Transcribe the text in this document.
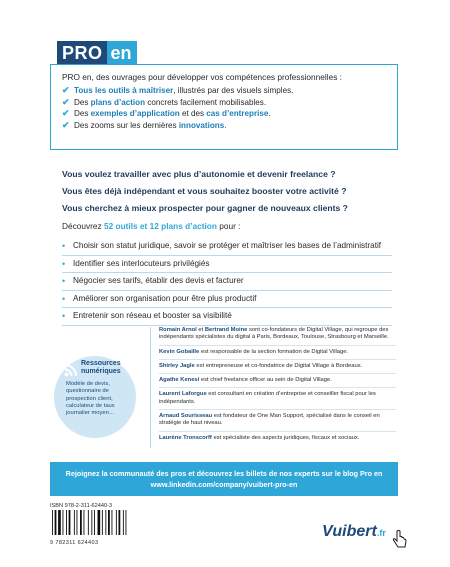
PRO en

PRO en, des ouvrages pour développer vos compétences professionnelles :

✔ Tous les outils à maîtriser, illustrés par des visuels simples.
✔ Des plans d’action concrets facilement mobilisables.
✔ Des exemples d’application et des cas d’entreprise.
✔ Des zooms sur les dernières innovations.

Vous voulez travailler avec plus d’autonomie et devenir freelance ?

Vous êtes déjà indépendant et vous souhaitez booster votre activité ?

Vous cherchez à mieux prospecter pour gagner de nouveaux clients ?

Découvrez 52 outils et 12 plans d’action pour :

• Choisir son statut juridique, savoir se protéger et maîtriser les bases de l’administratif
• Identifier ses interlocuteurs privilégiés
• Négocier ses tarifs, établir des devis et facturer
• Améliorer son organisation pour être plus productif
• Entretenir son réseau et booster sa visibilité

Ressources numériques

Modèle de devis, questionnaire de prospection client, calculateur de taux journalier moyen…

Romain Arnol et Bertrand Moine sont co-fondateurs de Digital Village, qui regroupe des indépendants spécialistes du digital à Paris, Bordeaux, Toulouse, Strasbourg et Marseille.

Kevin Gobaille est responsable de la section formation de Digital Village.

Shirley Jagle est entrepreneuse et co-fondatrice de Digital Village à Bordeaux.

Agathe Kenesi est chief freelance officer au sein de Digital Village.

Laurent Laforgue est consultant en création d’entreprise et conseiller fiscal pour les indépendants.

Arnaud Sourisseau est fondateur de One Man Support, spécialisé dans le conseil en stratégie de haut niveau.

Laurène Tronscorff est spécialiste des aspects juridiques, fiscaux et sociaux.

Rejoignez la communauté des pros et découvrez les billets de nos experts sur le blog Pro en

www.linkedin.com/company/vuibert-pro-en

ISBN 978-2-311-62440-3

9 782311 624403

Vuibert .fr
